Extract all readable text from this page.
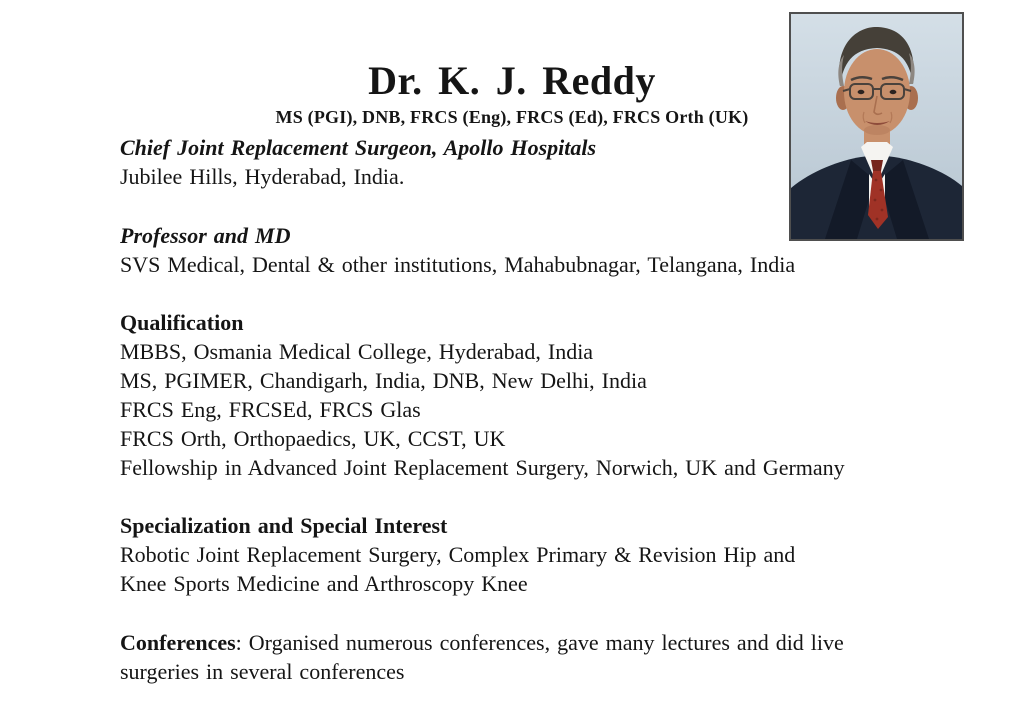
Dr. K. J. Reddy
MS (PGI), DNB, FRCS (Eng), FRCS (Ed), FRCS Orth (UK)
Chief Joint Replacement Surgeon, Apollo Hospitals
Jubilee Hills, Hyderabad, India.
Professor and MD
SVS Medical, Dental & other institutions, Mahabubnagar, Telangana, India
Qualification
MBBS, Osmania Medical College, Hyderabad, India
MS, PGIMER, Chandigarh, India, DNB, New Delhi, India
FRCS Eng, FRCSEd, FRCS Glas
FRCS Orth, Orthopaedics, UK, CCST, UK
Fellowship in Advanced Joint Replacement Surgery, Norwich, UK and Germany
Specialization and Special Interest
Robotic Joint Replacement Surgery, Complex Primary & Revision Hip and
Knee Sports Medicine and Arthroscopy Knee
Conferences: Organised numerous conferences, gave many lectures and did live
surgeries in several conferences
